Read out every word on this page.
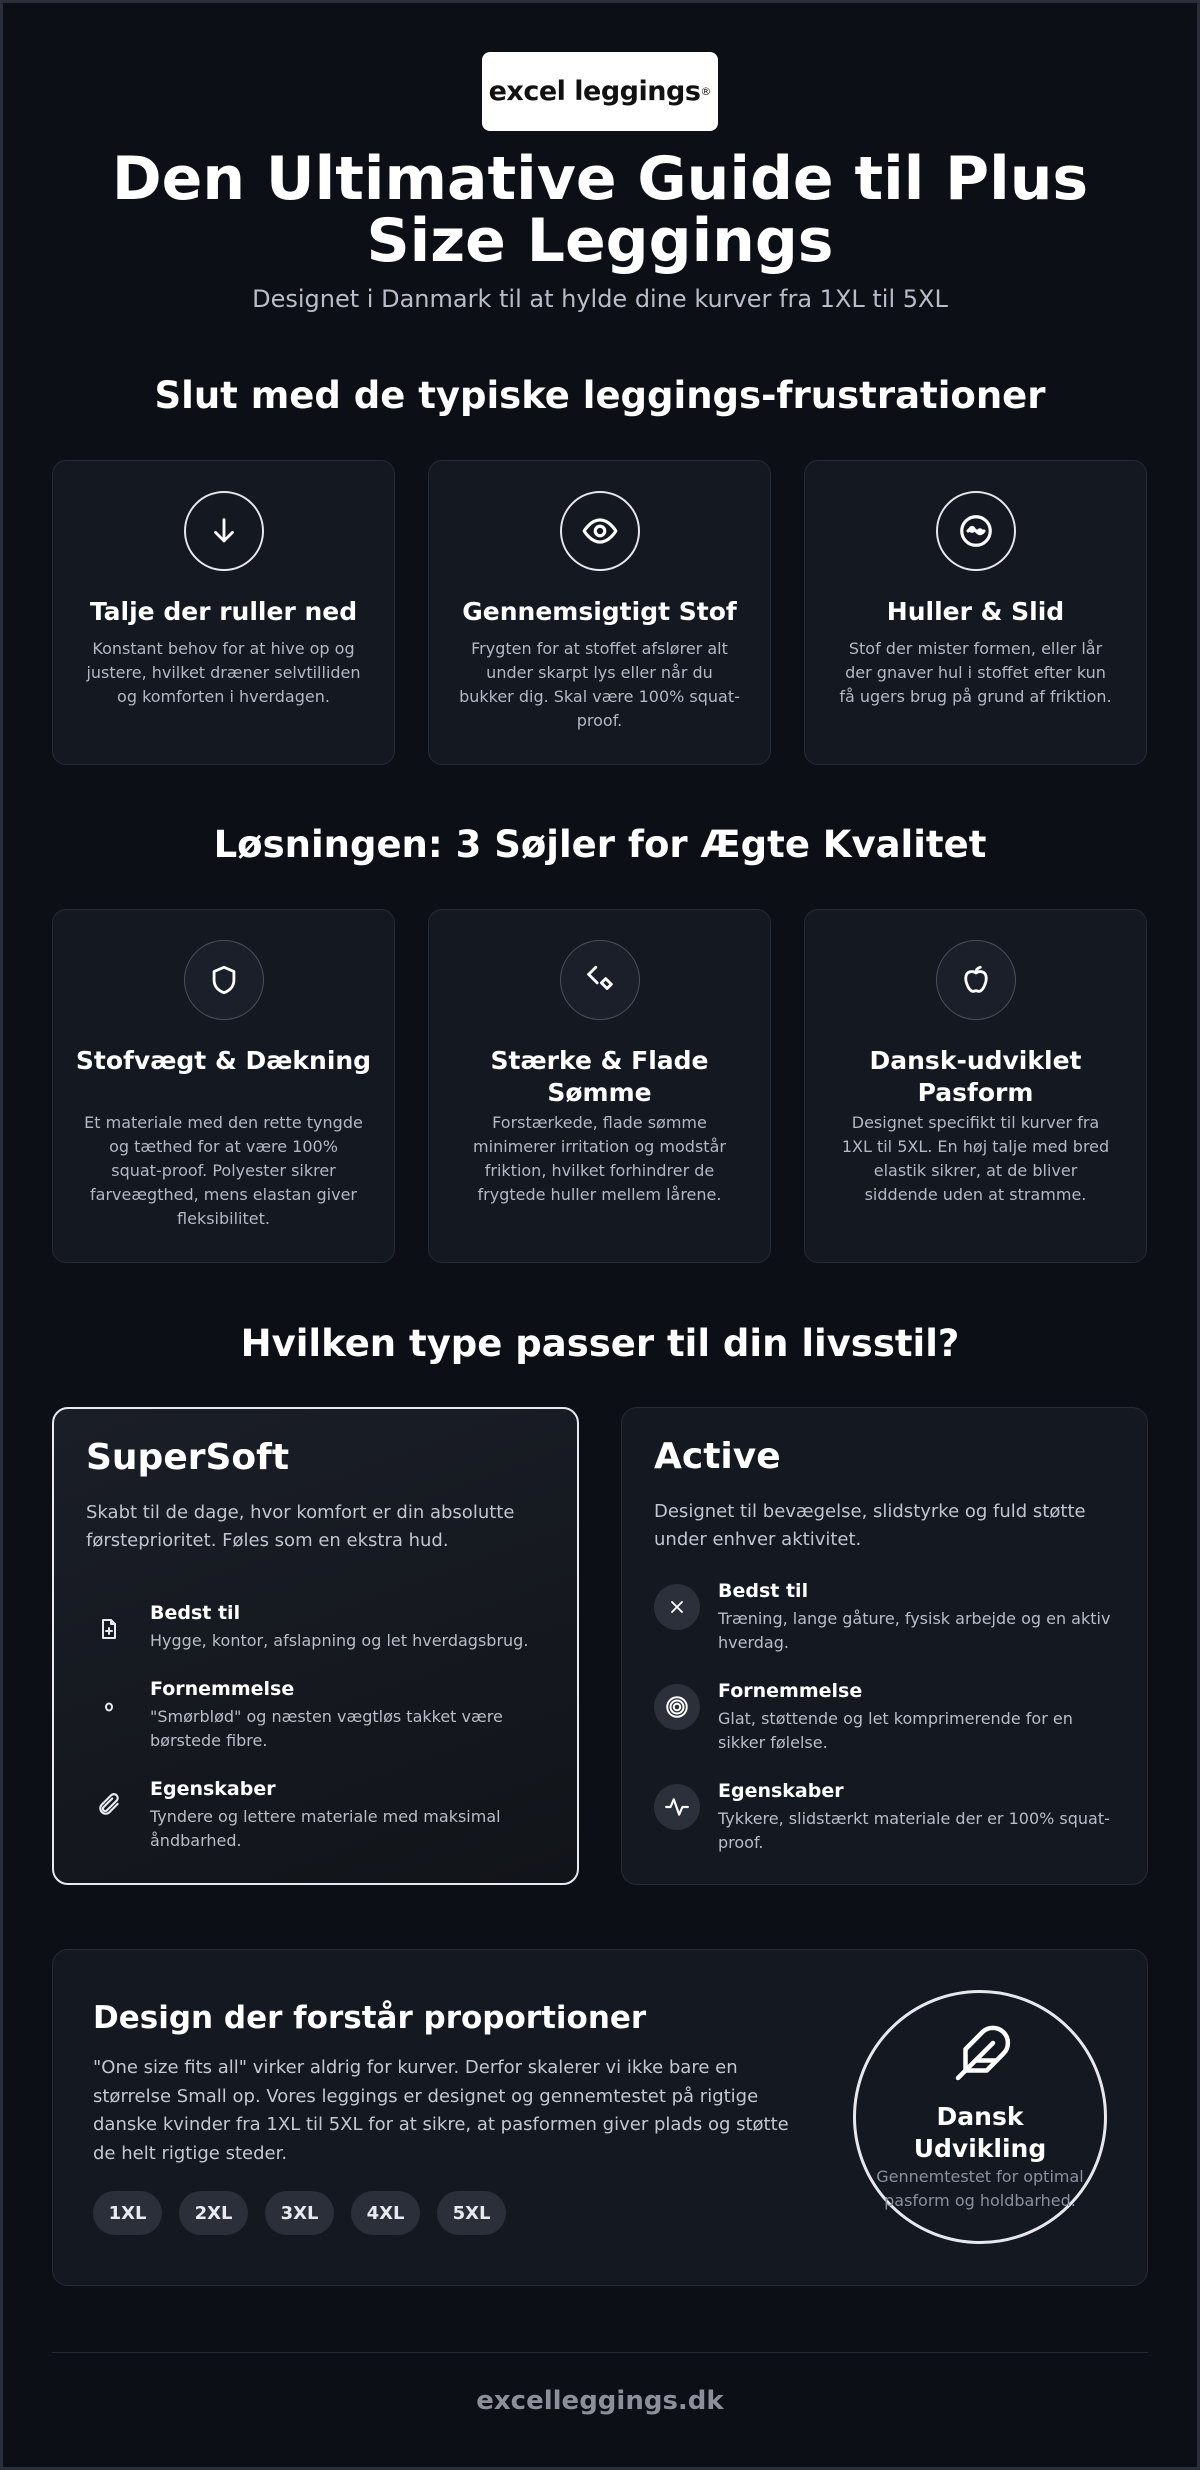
excel leggings ®
Den Ultimative Guide til Plus Size Leggings
Designet i Danmark til at hylde dine kurver fra 1XL til 5XL
Slut med de typiske leggings-frustrationer
Talje der ruller ned

Konstant behov for at hive op og justere, hvilket dræner selvtilliden og komforten i hverdagen.

Gennemsigtigt Stof

Frygten for at stoffet afslører alt under skarpt lys eller når du bukker dig. Skal være 100% squat-proof.

Huller & Slid

Stof der mister formen, eller lår der gnaver hul i stoffet efter kun få ugers brug på grund af friktion.

Løsningen: 3 Søjler for Ægte Kvalitet
Stofvægt & Dækning

Et materiale med den rette tyngde og tæthed for at være 100% squat-proof. Polyester sikrer farveægthed, mens elastan giver fleksibilitet.

Stærke & Flade Sømme

Forstærkede, flade sømme minimerer irritation og modstår friktion, hvilket forhindrer de frygtede huller mellem lårene.

Dansk-udviklet Pasform

Designet specifikt til kurver fra 1XL til 5XL. En høj talje med bred elastik sikrer, at de bliver siddende uden at stramme.

Hvilken type passer til din livsstil?
SuperSoft
Skabt til de dage, hvor komfort er din absolutte førsteprioritet. Føles som en ekstra hud.
Bedst til
Hygge, kontor, afslapning og let hverdagsbrug.
Fornemmelse
"Smørblød" og næsten vægtløs takket være børstede fibre.
Egenskaber
Tyndere og lettere materiale med maksimal åndbarhed.
Active
Designet til bevægelse, slidstyrke og fuld støtte under enhver aktivitet.
Bedst til
Træning, lange gåture, fysisk arbejde og en aktiv hverdag.
Fornemmelse
Glat, støttende og let komprimerende for en sikker følelse.
Egenskaber
Tykkere, slidstærkt materiale der er 100% squat-proof.
Design der forstår proportioner
"One size fits all" virker aldrig for kurver. Derfor skalerer vi ikke bare en størrelse Small op. Vores leggings er designet og gennemtestet på rigtige danske kvinder fra 1XL til 5XL for at sikre, at pasformen giver plads og støtte de helt rigtige steder.
1XL	2XL	3XL	4XL	5XL
Dansk Udvikling
Gennemtestet for optimal pasform og holdbarhed.
excelleggings.dk
